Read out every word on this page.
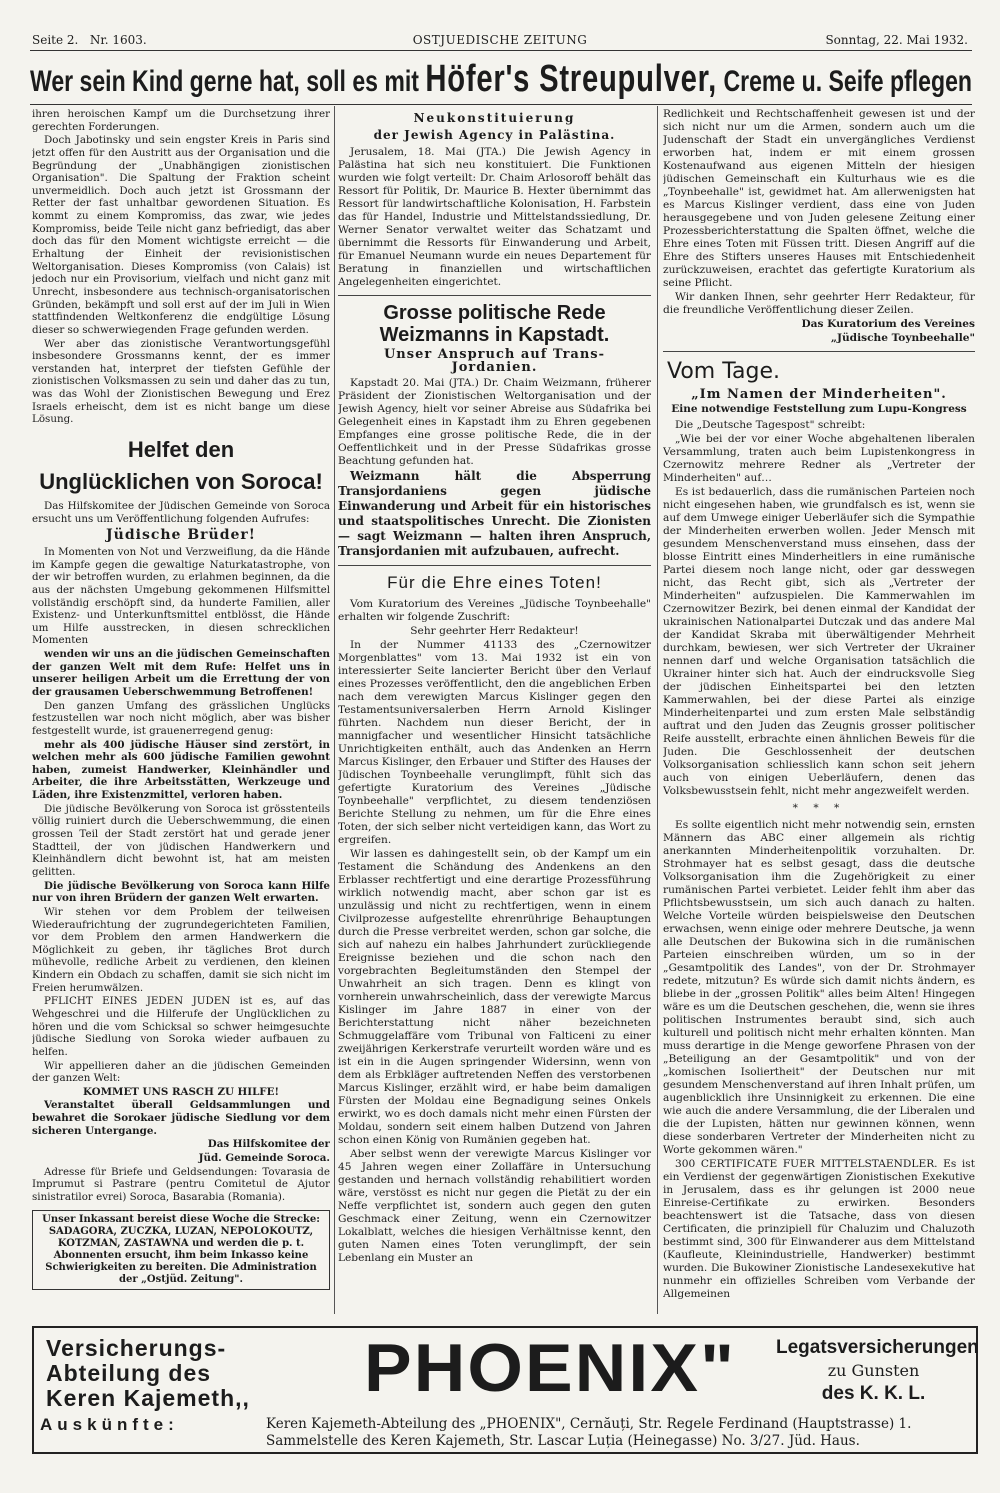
Seite 2. Nr. 1603.	OSTJUEDISCHE ZEITUNG	Sonntag, 22. Mai 1932.
Wer sein Kind gerne hat, soll es mit Höfer's Streupulver, Creme u. Seife pflegen

ihren heroischen Kampf um die Durchsetzung ihrer gerechten Forderungen.

Doch Jabotinsky und sein engster Kreis in Paris sind jetzt offen für den Austritt aus der Organisation und die Begründung der „Unabhängigen zionistischen Organisation". Die Spaltung der Fraktion scheint unvermeidlich. Doch auch jetzt ist Grossmann der Retter der fast unhaltbar gewordenen Situation. Es kommt zu einem Kompromiss, das zwar, wie jedes Kompromiss, beide Teile nicht ganz befriedigt, das aber doch das für den Moment wichtigste erreicht — die Erhaltung der Einheit der revisionistischen Weltorganisation. Dieses Kompromiss (von Calais) ist jedoch nur ein Provisorium, vielfach und nicht ganz mit Unrecht, insbesondere aus technisch-organisatorischen Gründen, bekämpft und soll erst auf der im Juli in Wien stattfindenden Weltkonferenz die endgültige Lösung dieser so schwerwiegenden Frage gefunden werden.

Wer aber das zionistische Verantwortungsgefühl insbesondere Grossmanns kennt, der es immer verstanden hat, interpret der tiefsten Gefühle der zionistischen Volksmassen zu sein und daher das zu tun, was das Wohl der Zionistischen Bewegung und Erez Israels erheischt, dem ist es nicht bange um diese Lösung.

Helfet den
Unglücklichen von Soroca!

Das Hilfskomitee der Jüdischen Gemeinde von Soroca ersucht uns um Veröffentlichung folgenden Aufrufes:

Jüdische Brüder!

In Momenten von Not und Verzweiflung, da die Hände im Kampfe gegen die gewaltige Naturkatastrophe, von der wir betroffen wurden, zu erlahmen beginnen, da die aus der nächsten Umgebung gekommenen Hilfsmittel vollständig erschöpft sind, da hunderte Familien, aller Existenz- und Unterkunftsmittel entblösst, die Hände um Hilfe ausstrecken, in diesen schrecklichen Momenten

wenden wir uns an die jüdischen Gemeinschaften der ganzen Welt mit dem Rufe: Helfet uns in unserer heiligen Arbeit um die Errettung der von der grausamen Ueberschwemmung Betroffenen!

Den ganzen Umfang des grässlichen Unglücks festzustellen war noch nicht möglich, aber was bisher festgestellt wurde, ist grauenerregend genug:

mehr als 400 jüdische Häuser sind zerstört, in welchen mehr als 600 jüdische Familien gewohnt haben, zumeist Handwerker, Kleinhändler und Arbeiter, die ihre Arbeitsstätten, Werkzeuge und Läden, ihre Existenzmittel, verloren haben.

Die jüdische Bevölkerung von Soroca ist grösstenteils völlig ruiniert durch die Ueberschwemmung, die einen grossen Teil der Stadt zerstört hat und gerade jener Stadtteil, der von jüdischen Handwerkern und Kleinhändlern dicht bewohnt ist, hat am meisten gelitten.

Die jüdische Bevölkerung von Soroca kann Hilfe nur von ihren Brüdern der ganzen Welt erwarten.

Wir stehen vor dem Problem der teilweisen Wiederaufrichtung der zugrundegerichteten Familien, vor dem Problem den armen Handwerkern die Möglichkeit zu geben, ihr tägliches Brot durch mühevolle, redliche Arbeit zu verdienen, den kleinen Kindern ein Obdach zu schaffen, damit sie sich nicht im Freien herumwälzen.

PFLICHT EINES JEDEN JUDEN ist es, auf das Wehgeschrei und die Hilferufe der Unglücklichen zu hören und die vom Schicksal so schwer heimgesuchte jüdische Siedlung von Soroka wieder aufbauen zu helfen.

Wir appellieren daher an die jüdischen Gemeinden der ganzen Welt:

KOMMET UNS RASCH ZU HILFE!

Veranstaltet überall Geldsammlungen und bewahret die Sorokaer jüdische Siedlung vor dem sicheren Untergange.

Das Hilfskomitee der

Jüd. Gemeinde Soroca.

Adresse für Briefe und Geldsendungen: Tovarasia de Imprumut si Pastrare (pentru Comitetul de Ajutor sinistratilor evrei) Soroca, Basarabia (Romania).

Unser Inkassant bereist diese Woche die Strecke: SADAGORA, ZUCZKA, LUZAN, NEPOLOKOUTZ, KOTZMAN, ZASTAWNA und werden die p. t. Abonnenten ersucht, ihm beim Inkasso keine Schwierigkeiten zu bereiten. Die Administration der „Ostjüd. Zeitung".
Neukonstituierung
der Jewish Agency in Palästina.

Jerusalem, 18. Mai (JTA.) Die Jewish Agency in Palästina hat sich neu konstituiert. Die Funktionen wurden wie folgt verteilt: Dr. Chaim Arlosoroff behält das Ressort für Politik, Dr. Maurice B. Hexter übernimmt das Ressort für landwirtschaftliche Kolonisation, H. Farbstein das für Handel, Industrie und Mittelstandssiedlung, Dr. Werner Senator verwaltet weiter das Schatzamt und übernimmt die Ressorts für Einwanderung und Arbeit, für Emanuel Neumann wurde ein neues Departement für Beratung in finanziellen und wirtschaftlichen Angelegenheiten eingerichtet.

Grosse politische Rede
Weizmanns in Kapstadt.
Unser Anspruch auf Trans-
Jordanien.

Kapstadt 20. Mai (JTA.) Dr. Chaim Weizmann, früherer Präsident der Zionistischen Weltorganisation und der Jewish Agency, hielt vor seiner Abreise aus Südafrika bei Gelegenheit eines in Kapstadt ihm zu Ehren gegebenen Empfanges eine grosse politische Rede, die in der Oeffentlichkeit und in der Presse Südafrikas grosse Beachtung gefunden hat.

Weizmann hält die Absperrung Transjordaniens gegen jüdische Einwanderung und Arbeit für ein historisches und staatspolitisches Unrecht. Die Zionisten — sagt Weizmann — halten ihren Anspruch, Transjordanien mit aufzubauen, aufrecht.

Für die Ehre eines Toten!

Vom Kuratorium des Vereines „Jüdische Toynbeehalle" erhalten wir folgende Zuschrift:

Sehr geehrter Herr Redakteur!

In der Nummer 41133 des „Czernowitzer Morgenblattes" vom 13. Mai 1932 ist ein von interessierter Seite lancierter Bericht über den Verlauf eines Prozesses veröffentlicht, den die angeblichen Erben nach dem verewigten Marcus Kislinger gegen den Testamentsuniversalerben Herrn Arnold Kislinger führten. Nachdem nun dieser Bericht, der in mannigfacher und wesentlicher Hinsicht tatsächliche Unrichtigkeiten enthält, auch das Andenken an Herrn Marcus Kislinger, den Erbauer und Stifter des Hauses der Jüdischen Toynbeehalle verunglimpft, fühlt sich das gefertigte Kuratorium des Vereines „Jüdische Toynbeehalle" verpflichtet, zu diesem tendenziösen Berichte Stellung zu nehmen, um für die Ehre eines Toten, der sich selber nicht verteidigen kann, das Wort zu ergreifen.

Wir lassen es dahingestellt sein, ob der Kampf um ein Testament die Schändung des Andenkens an den Erblasser rechtfertigt und eine derartige Prozessführung wirklich notwendig macht, aber schon gar ist es unzulässig und nicht zu rechtfertigen, wenn in einem Civilprozesse aufgestellte ehrenrührige Behauptungen durch die Presse verbreitet werden, schon gar solche, die sich auf nahezu ein halbes Jahrhundert zurückliegende Ereignisse beziehen und die schon nach den vorgebrachten Begleitumständen den Stempel der Unwahrheit an sich tragen. Denn es klingt von vornherein unwahrscheinlich, dass der verewigte Marcus Kislinger im Jahre 1887 in einer von der Berichterstattung nicht näher bezeichneten Schmuggelaffäre vom Tribunal von Falticeni zu einer zweijährigen Kerkerstrafe verurteilt worden wäre und es ist ein in die Augen springender Widersinn, wenn von dem als Erbkläger auftretenden Neffen des verstorbenen Marcus Kislinger, erzählt wird, er habe beim damaligen Fürsten der Moldau eine Begnadigung seines Onkels erwirkt, wo es doch damals nicht mehr einen Fürsten der Moldau, sondern seit einem halben Dutzend von Jahren schon einen König von Rumänien gegeben hat.

Aber selbst wenn der verewigte Marcus Kislinger vor 45 Jahren wegen einer Zollaffäre in Untersuchung gestanden und hernach vollständig rehabilitiert worden wäre, verstösst es nicht nur gegen die Pietät zu der ein Neffe verpflichtet ist, sondern auch gegen den guten Geschmack einer Zeitung, wenn ein Czernowitzer Lokalblatt, welches die hiesigen Verhältnisse kennt, den guten Namen eines Toten verunglimpft, der sein Lebenlang ein Muster an

Redlichkeit und Rechtschaffenheit gewesen ist und der sich nicht nur um die Armen, sondern auch um die Judenschaft der Stadt ein unvergängliches Verdienst erworben hat, indem er mit einem grossen Kostenaufwand aus eigenen Mitteln der hiesigen jüdischen Gemeinschaft ein Kulturhaus wie es die „Toynbeehalle" ist, gewidmet hat. Am allerwenigsten hat es Marcus Kislinger verdient, dass eine von Juden herausgegebene und von Juden gelesene Zeitung einer Prozessberichterstattung die Spalten öffnet, welche die Ehre eines Toten mit Füssen tritt. Diesen Angriff auf die Ehre des Stifters unseres Hauses mit Entschiedenheit zurückzuweisen, erachtet das gefertigte Kuratorium als seine Pflicht.

Wir danken Ihnen, sehr geehrter Herr Redakteur, für die freundliche Veröffentlichung dieser Zeilen.

Das Kuratorium des Vereines

„Jüdische Toynbeehalle"

Vom Tage.
„Im Namen der Minderheiten".
Eine notwendige Feststellung zum Lupu-Kongress

Die „Deutsche Tagespost" schreibt:

„Wie bei der vor einer Woche abgehaltenen liberalen Versammlung, traten auch beim Lupistenkongress in Czernowitz mehrere Redner als „Vertreter der Minderheiten" auf…

Es ist bedauerlich, dass die rumänischen Parteien noch nicht eingesehen haben, wie grundfalsch es ist, wenn sie auf dem Umwege einiger Ueberläufer sich die Sympathie der Minderheiten erwerben wollen. Jeder Mensch mit gesundem Menschenverstand muss einsehen, dass der blosse Eintritt eines Minderheitlers in eine rumänische Partei diesem noch lange nicht, oder gar desswegen nicht, das Recht gibt, sich als „Vertreter der Minderheiten" aufzuspielen. Die Kammerwahlen im Czernowitzer Bezirk, bei denen einmal der Kandidat der ukrainischen Nationalpartei Dutczak und das andere Mal der Kandidat Skraba mit überwältigender Mehrheit durchkam, bewiesen, wer sich Vertreter der Ukrainer nennen darf und welche Organisation tatsächlich die Ukrainer hinter sich hat. Auch der eindrucksvolle Sieg der jüdischen Einheitspartei bei den letzten Kammerwahlen, bei der diese Partei als einzige Minderheitenpartei und zum ersten Male selbständig auftrat und den Juden das Zeugnis grosser politischer Reife ausstellt, erbrachte einen ähnlichen Beweis für die Juden. Die Geschlossenheit der deutschen Volksorganisation schliesslich kann schon seit jehern auch von einigen Ueberläufern, denen das Volksbewusstsein fehlt, nicht mehr angezweifelt werden.

* * *

Es sollte eigentlich nicht mehr notwendig sein, ernsten Männern das ABC einer allgemein als richtig anerkannten Minderheitenpolitik vorzuhalten. Dr. Strohmayer hat es selbst gesagt, dass die deutsche Volksorganisation ihm die Zugehörigkeit zu einer rumänischen Partei verbietet. Leider fehlt ihm aber das Pflichtsbewusstsein, um sich auch danach zu halten. Welche Vorteile würden beispielsweise den Deutschen erwachsen, wenn einige oder mehrere Deutsche, ja wenn alle Deutschen der Bukowina sich in die rumänischen Parteien einschreiben würden, um so in der „Gesamtpolitik des Landes", von der Dr. Strohmayer redete, mitzutun? Es würde sich damit nichts ändern, es bliebe in der „grossen Politik" alles beim Alten! Hingegen wäre es um die Deutschen geschehen, die, wenn sie ihres politischen Instrumentes beraubt sind, sich auch kulturell und politisch nicht mehr erhalten könnten. Man muss derartige in die Menge geworfene Phrasen von der „Beteiligung an der Gesamtpolitik" und von der „komischen Isoliertheit" der Deutschen nur mit gesundem Menschenverstand auf ihren Inhalt prüfen, um augenblicklich ihre Unsinnigkeit zu erkennen. Die eine wie auch die andere Versammlung, die der Liberalen und die der Lupisten, hätten nur gewinnen können, wenn diese sonderbaren Vertreter der Minderheiten nicht zu Worte gekommen wären."

300 CERTIFICATE FUER MITTELSTAENDLER. Es ist ein Verdienst der gegenwärtigen Zionistischen Exekutive in Jerusalem, dass es ihr gelungen ist 2000 neue Einreise-Certifikate zu erwirken. Besonders beachtenswert ist die Tatsache, dass von diesen Certificaten, die prinzipiell für Chaluzim und Chaluzoth bestimmt sind, 300 für Einwanderer aus dem Mittelstand (Kaufleute, Kleinindustrielle, Handwerker) bestimmt wurden. Die Bukowiner Zionistische Landesexekutive hat nunmehr ein offizielles Schreiben vom Verbande der Allgemeinen

Versicherungs-
Abteilung des
Keren Kajemeth,,	PHOENIX" Legatsversicherungen
zu Gunsten
des K. K. L.
Auskünfte:	Keren Kajemeth-Abteilung des „PHOENIX", Cernăuți, Str. Regele Ferdinand (Hauptstrasse) 1.
Sammelstelle des Keren Kajemeth, Str. Lascar Luția (Heinegasse) No. 3/27. Jüd. Haus.
